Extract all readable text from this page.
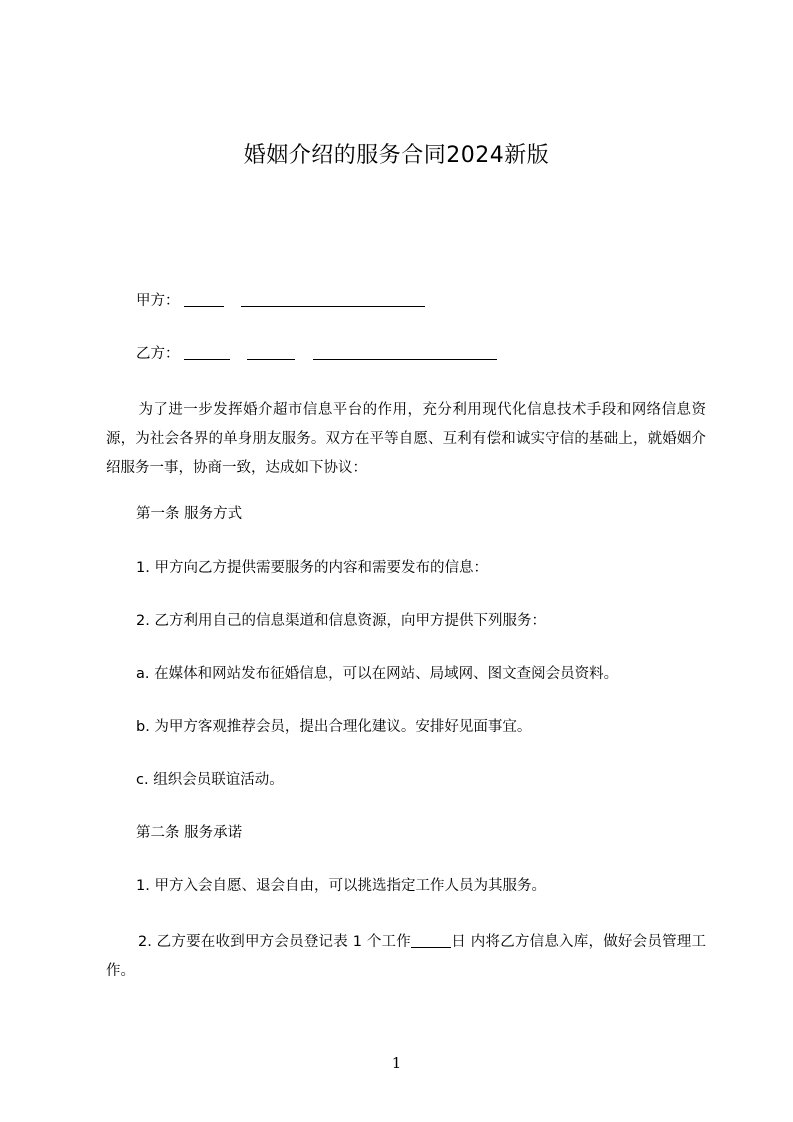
婚姻介绍的服务合同2024新版
甲方：
乙方：
为了进一步发挥婚介超市信息平台的作用，充分利用现代化信息技术手段和网络信息资源，为社会各界的单身朋友服务。双方在平等自愿、互利有偿和诚实守信的基础上，就婚姻介绍服务一事，协商一致，达成如下协议：
第一条 服务方式
1. 甲方向乙方提供需要服务的内容和需要发布的信息：
2. 乙方利用自己的信息渠道和信息资源，向甲方提供下列服务：
a. 在媒体和网站发布征婚信息，可以在网站、局域网、图文查阅会员资料。
b. 为甲方客观推荐会员，提出合理化建议。安排好见面事宜。
c. 组织会员联谊活动。
第二条 服务承诺
1. 甲方入会自愿、退会自由，可以挑选指定工作人员为其服务。
2. 乙方要在收到甲方会员登记表 1 个工作	日 内将乙方信息入库，做好会员管理工作。
1
